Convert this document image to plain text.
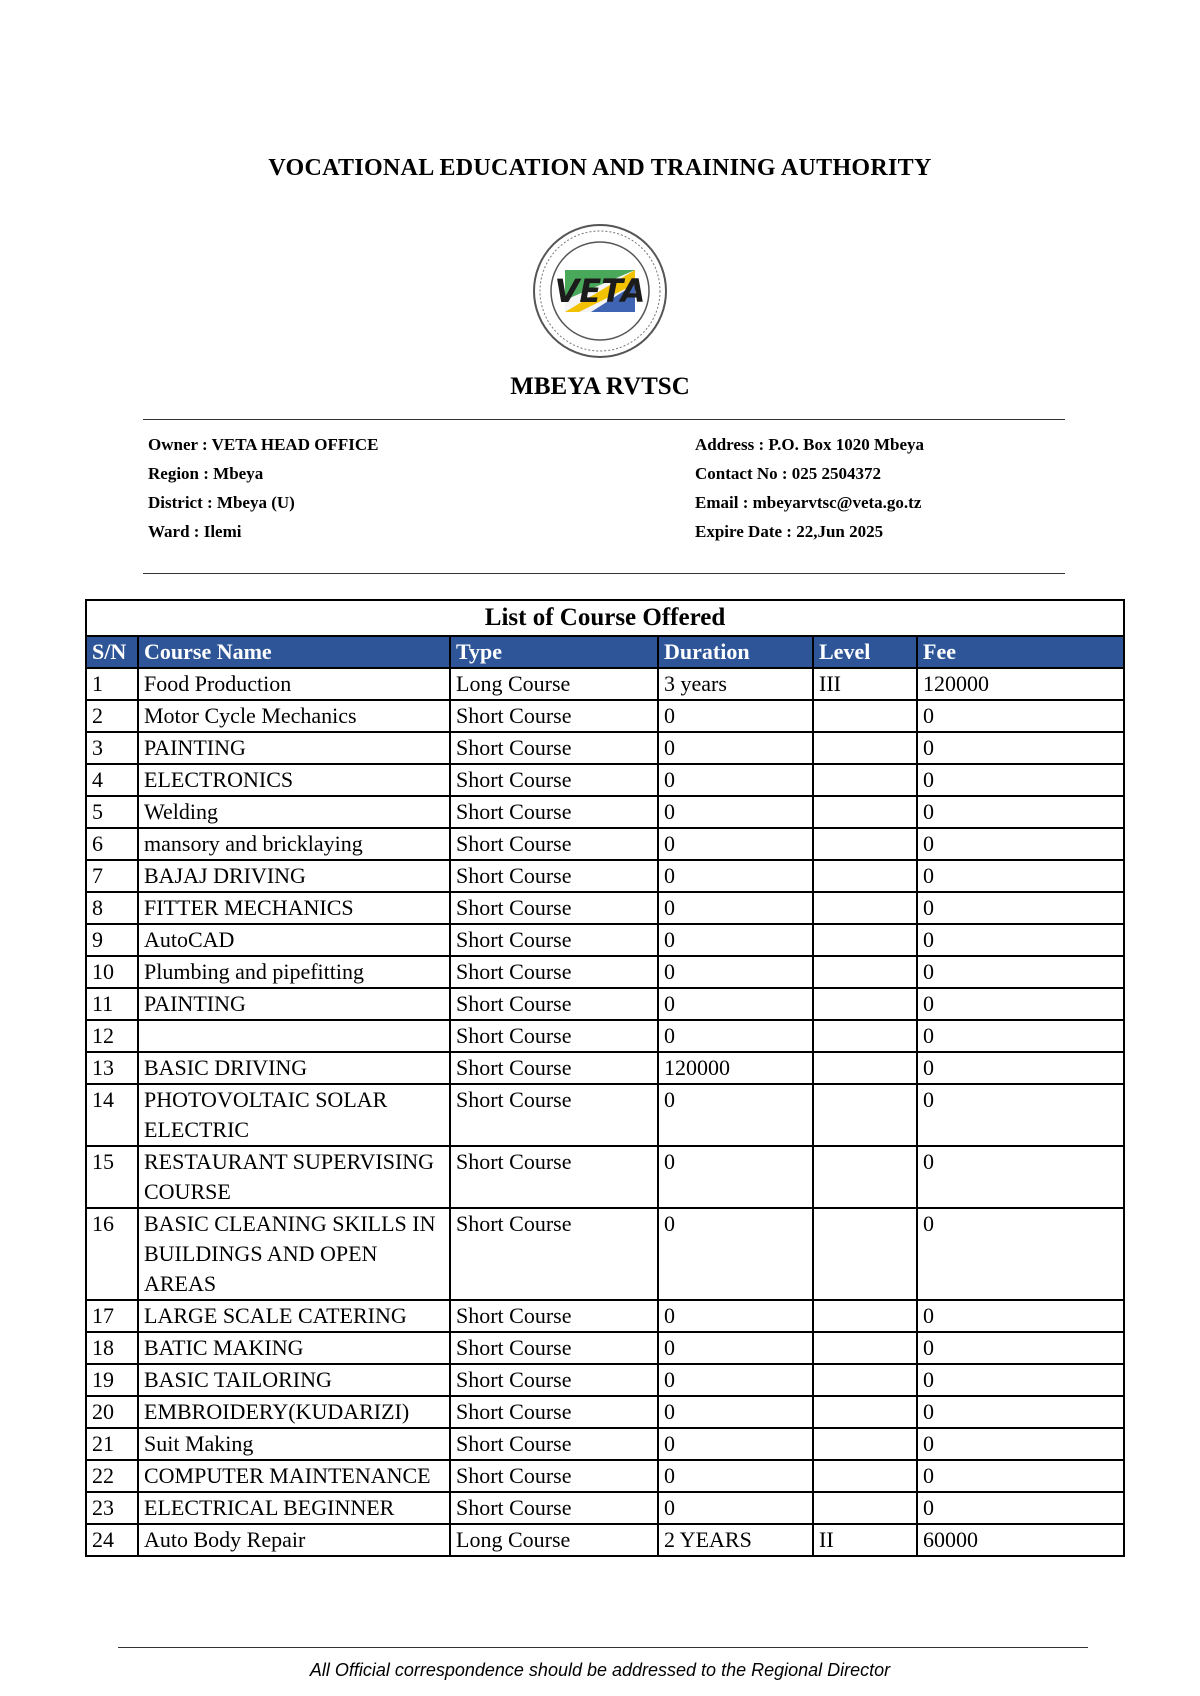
VOCATIONAL EDUCATION AND TRAINING AUTHORITY
VETA
MBEYA RVTSC
Owner : VETA HEAD OFFICE
Region : Mbeya
District : Mbeya (U)
Ward : Ilemi
Address : P.O. Box 1020 Mbeya
Contact No : 025 2504372
Email : mbeyarvtsc@veta.go.tz
Expire Date : 22,Jun 2025
List of Course Offered					
S/N	Course Name	Type	Duration	Level	Fee
1	Food Production	Long Course	3 years	III	120000
2	Motor Cycle Mechanics	Short Course	0		0
3	PAINTING	Short Course	0		0
4	ELECTRONICS	Short Course	0		0
5	Welding	Short Course	0		0
6	mansory and bricklaying	Short Course	0		0
7	BAJAJ DRIVING	Short Course	0		0
8	FITTER MECHANICS	Short Course	0		0
9	AutoCAD	Short Course	0		0
10	Plumbing and pipefitting	Short Course	0		0
11	PAINTING	Short Course	0		0
12		Short Course	0		0
13	BASIC DRIVING	Short Course	120000		0
14	PHOTOVOLTAIC SOLAR ELECTRIC	Short Course	0		0
15	RESTAURANT SUPERVISING COURSE	Short Course	0		0
16	BASIC CLEANING SKILLS IN BUILDINGS AND OPEN AREAS	Short Course	0		0
17	LARGE SCALE CATERING	Short Course	0		0
18	BATIC MAKING	Short Course	0		0
19	BASIC TAILORING	Short Course	0		0
20	EMBROIDERY(KUDARIZI)	Short Course	0		0
21	Suit Making	Short Course	0		0
22	COMPUTER MAINTENANCE	Short Course	0		0
23	ELECTRICAL BEGINNER	Short Course	0		0
24	Auto Body Repair	Long Course	2 YEARS	II	60000
All Official correspondence should be addressed to the Regional Director
